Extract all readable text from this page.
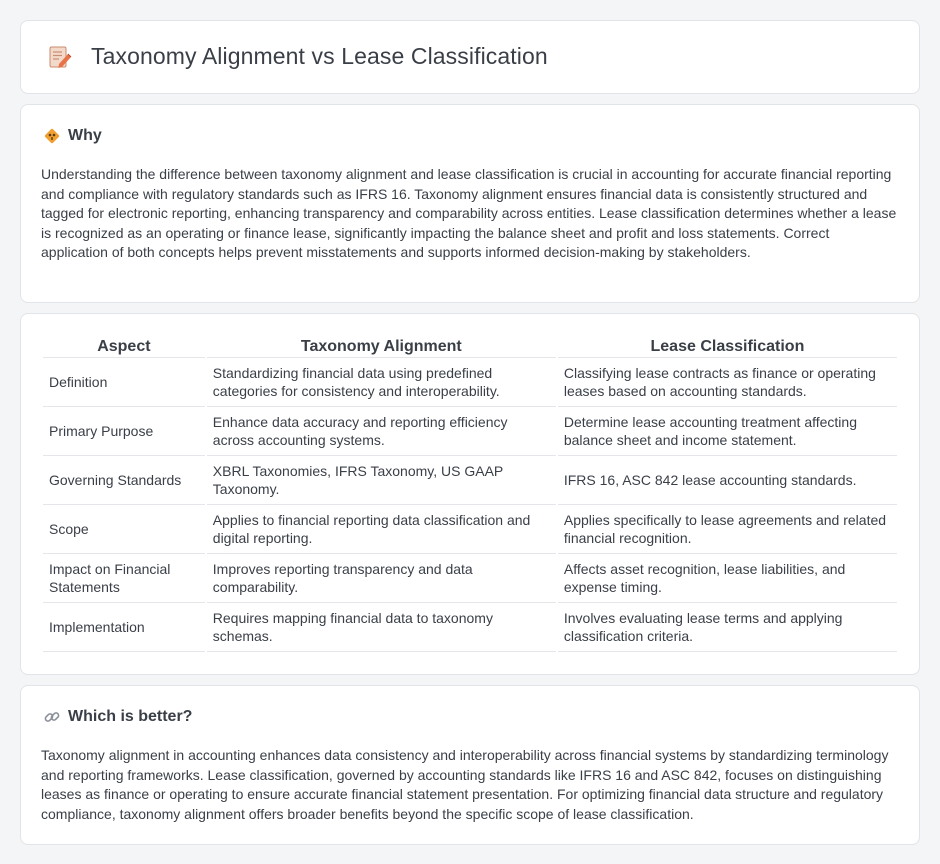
Taxonomy Alignment vs Lease Classification
Why

Understanding the difference between taxonomy alignment and lease classification is crucial in accounting for accurate financial reporting and compliance with regulatory standards such as IFRS 16. Taxonomy alignment ensures financial data is consistently structured and tagged for electronic reporting, enhancing transparency and comparability across entities. Lease classification determines whether a lease is recognized as an operating or finance lease, significantly impacting the balance sheet and profit and loss statements. Correct application of both concepts helps prevent misstatements and supports informed decision-making by stakeholders.

Aspect	Taxonomy Alignment	Lease Classification
Definition	Standardizing financial data using predefined categories for consistency and interoperability.	Classifying lease contracts as finance or operating leases based on accounting standards.
Primary Purpose	Enhance data accuracy and reporting efficiency across accounting systems.	Determine lease accounting treatment affecting balance sheet and income statement.
Governing Standards	XBRL Taxonomies, IFRS Taxonomy, US GAAP Taxonomy.	IFRS 16, ASC 842 lease accounting standards.
Scope	Applies to financial reporting data classification and digital reporting.	Applies specifically to lease agreements and related financial recognition.
Impact on Financial Statements	Improves reporting transparency and data comparability.	Affects asset recognition, lease liabilities, and expense timing.
Implementation	Requires mapping financial data to taxonomy schemas.	Involves evaluating lease terms and applying classification criteria.
Which is better?

Taxonomy alignment in accounting enhances data consistency and interoperability across financial systems by standardizing terminology and reporting frameworks. Lease classification, governed by accounting standards like IFRS 16 and ASC 842, focuses on distinguishing leases as finance or operating to ensure accurate financial statement presentation. For optimizing financial data structure and regulatory compliance, taxonomy alignment offers broader benefits beyond the specific scope of lease classification.
